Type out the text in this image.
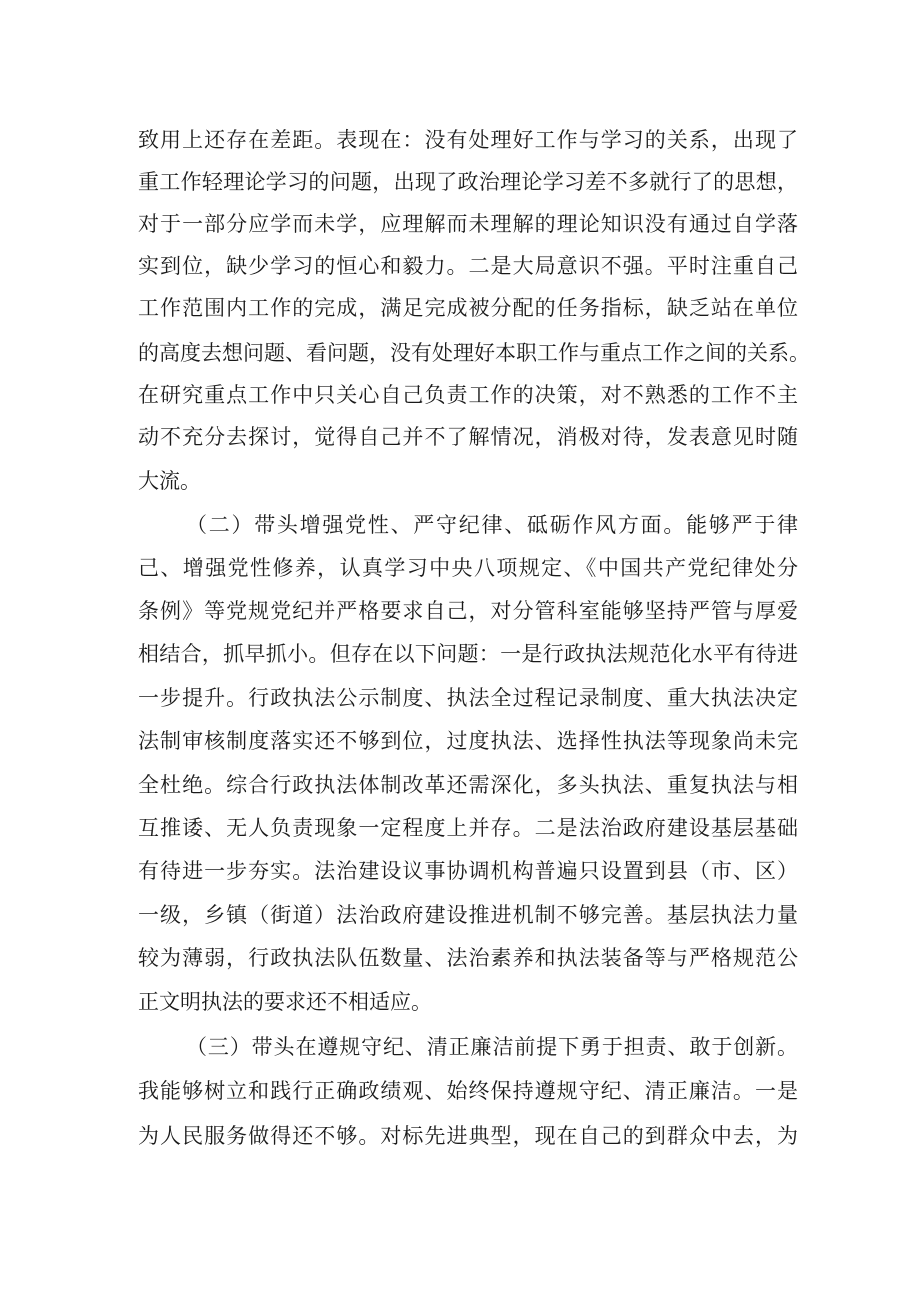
致用上还存在差距。表现在：没有处理好工作与学习的关系，出现了
重工作轻理论学习的问题，出现了政治理论学习差不多就行了的思想，
对于一部分应学而未学，应理解而未理解的理论知识没有通过自学落
实到位，缺少学习的恒心和毅力。二是大局意识不强。平时注重自己
工作范围内工作的完成，满足完成被分配的任务指标，缺乏站在单位
的高度去想问题、看问题，没有处理好本职工作与重点工作之间的关系。
在研究重点工作中只关心自己负责工作的决策，对不熟悉的工作不主
动不充分去探讨，觉得自己并不了解情况，消极对待，发表意见时随
大流。
（二）带头增强党性、严守纪律、砥砺作风方面。能够严于律
己、增强党性修养，认真学习中央八项规定、《中国共产党纪律处分
条例》等党规党纪并严格要求自己，对分管科室能够坚持严管与厚爱
相结合，抓早抓小。但存在以下问题：一是行政执法规范化水平有待进
一步提升。行政执法公示制度、执法全过程记录制度、重大执法决定
法制审核制度落实还不够到位，过度执法、选择性执法等现象尚未完
全杜绝。综合行政执法体制改革还需深化，多头执法、重复执法与相
互推诿、无人负责现象一定程度上并存。二是法治政府建设基层基础
有待进一步夯实。法治建设议事协调机构普遍只设置到县（市、区）
一级，乡镇（街道）法治政府建设推进机制不够完善。基层执法力量
较为薄弱，行政执法队伍数量、法治素养和执法装备等与严格规范公
正文明执法的要求还不相适应。
（三）带头在遵规守纪、清正廉洁前提下勇于担责、敢于创新。
我能够树立和践行正确政绩观、始终保持遵规守纪、清正廉洁。一是
为人民服务做得还不够。对标先进典型，现在自己的到群众中去，为
